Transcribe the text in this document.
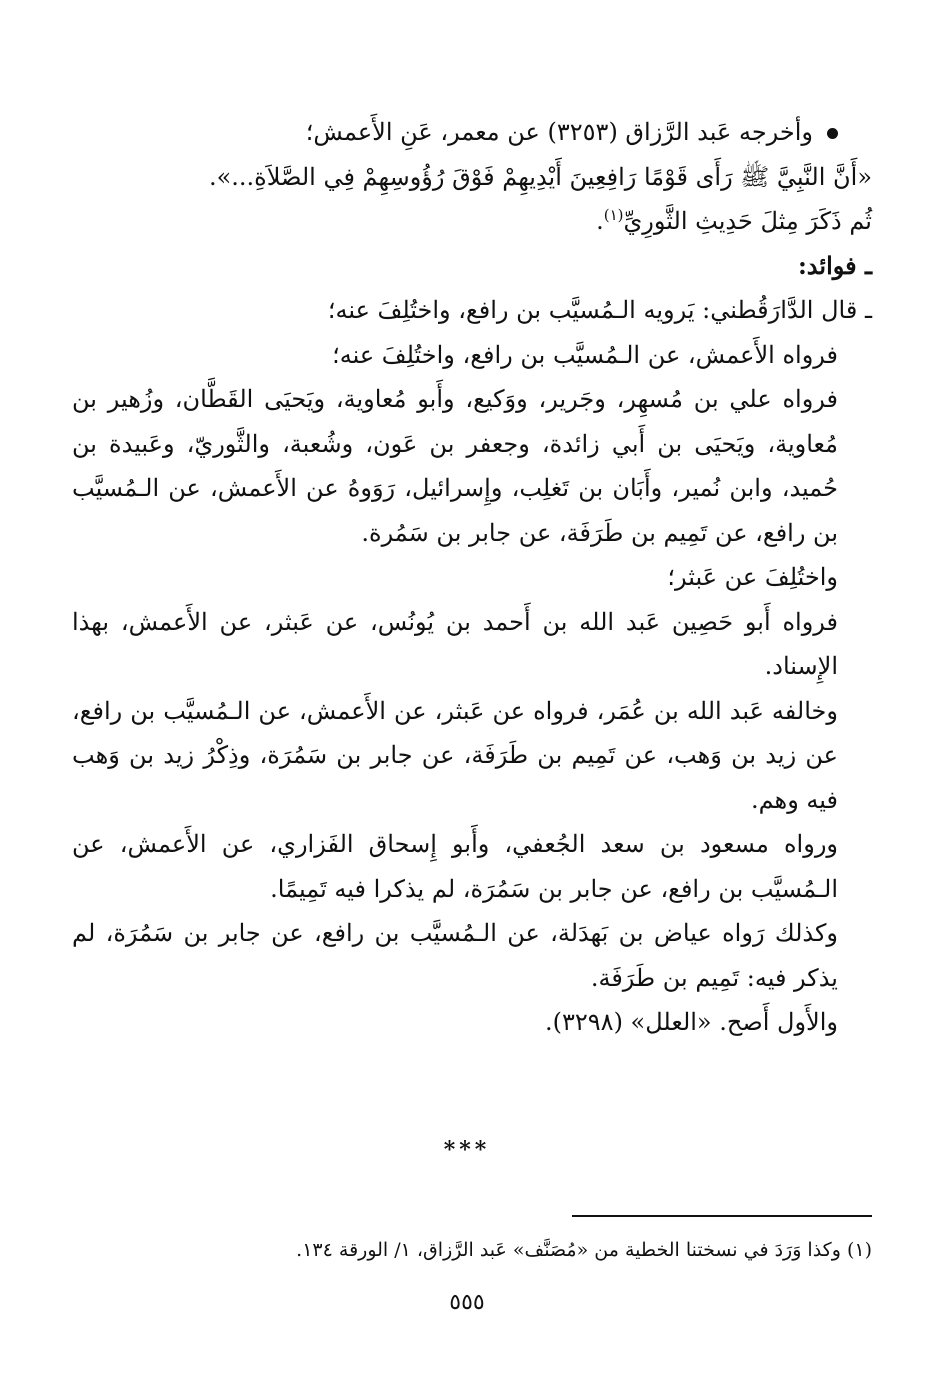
وأخرجه عَبد الرَّزاق (٣٢٥٣) عن معمر، عَنِ الأَعمش؛

«أَنَّ النَّبِيَّ ﷺ رَأَى قَوْمًا رَافِعِينَ أَيْدِيهِمْ فَوْقَ رُؤُوسِهِمْ فِي الصَّلاَةِ...».

ثُم ذَكَرَ مِثلَ حَدِيثِ الثَّورِيِّ$^{(١)}$.

ـ فوائد:

ـ قال الدَّارَقُطني: يَرويه الـمُسيَّب بن رافع، واختُلِفَ عنه؛

فرواه الأَعمش، عن الـمُسيَّب بن رافع، واختُلِفَ عنه؛

فرواه علي بن مُسهِر، وجَرير، ووَكيع، وأَبو مُعاوية، ويَحيَى القَطَّان، وزُهير بن مُعاوية، ويَحيَى بن أَبي زائدة، وجعفر بن عَون، وشُعبة، والثَّوريّ، وعَبيدة بن حُميد، وابن نُمير، وأَبَان بن تَغلِب، وإِسرائيل، رَوَوهُ عن الأَعمش، عن الـمُسيَّب بن رافع، عن تَمِيم بن طَرَفَة، عن جابر بن سَمُرة.

واختُلِفَ عن عَبثر؛

فرواه أَبو حَصِين عَبد الله بن أَحمد بن يُونُس، عن عَبثر، عن الأَعمش، بهذا الإِسناد.

وخالفه عَبد الله بن عُمَر، فرواه عن عَبثر، عن الأَعمش، عن الـمُسيَّب بن رافع، عن زيد بن وَهب، عن تَمِيم بن طَرَفَة، عن جابر بن سَمُرَة، وذِكْرُ زيد بن وَهب فيه وهم.

ورواه مسعود بن سعد الجُعفي، وأَبو إِسحاق الفَزاري، عن الأَعمش، عن الـمُسيَّب بن رافع، عن جابر بن سَمُرَة، لم يذكرا فيه تَمِيمًا.

وكذلك رَواه عياض بن بَهدَلة، عن الـمُسيَّب بن رافع، عن جابر بن سَمُرَة، لم يذكر فيه: تَمِيم بن طَرَفَة.

والأَول أَصح. «العلل» (٣٢٩٨).

***

(١) وكذا وَرَدَ في نسختنا الخطية من «مُصَنَّف» عَبد الرَّزاق، ١/ الورقة ١٣٤.

٥٥٥
